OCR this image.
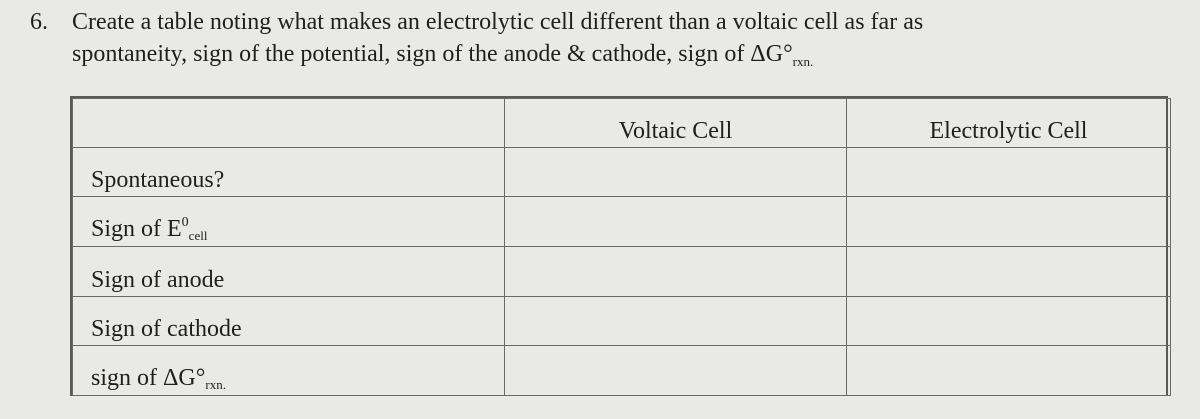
6.	Create a table noting what makes an electrolytic cell different than a voltaic cell as far as
spontaneity, sign of the potential, sign of the anode & cathode, sign of $\Delta G^\circ_{rxn.}$
	Voltaic Cell	Electrolytic Cell
Spontaneous?		
Sign of $E^0cell$		
Sign of anode		
Sign of cathode		
sign of ΔG°rxn.		
